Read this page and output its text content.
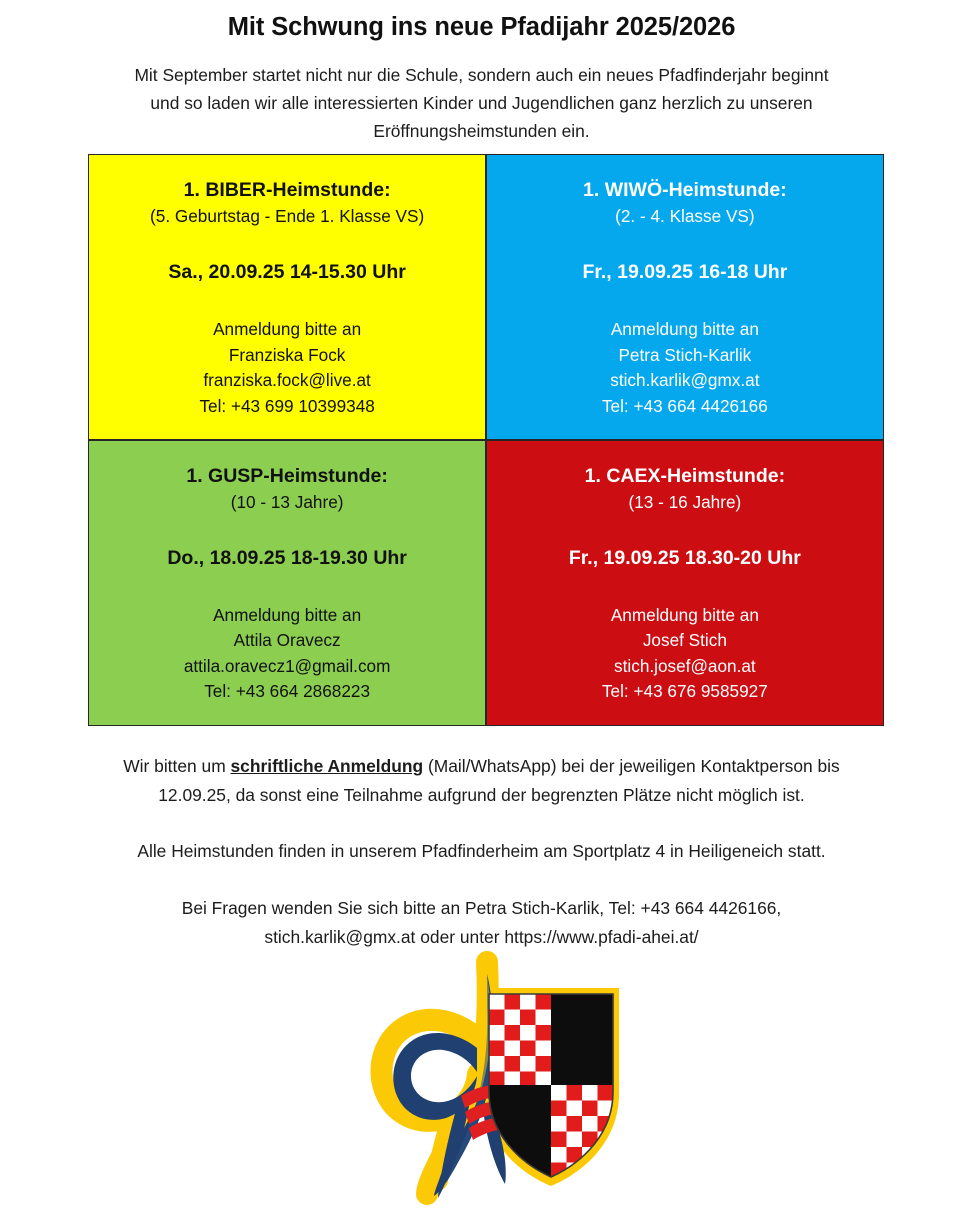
Mit Schwung ins neue Pfadijahr 2025/2026

Mit September startet nicht nur die Schule, sondern auch ein neues Pfadfinderjahr beginnt
und so laden wir alle interessierten Kinder und Jugendlichen ganz herzlich zu unseren
Eröffnungsheimstunden ein.

1. BIBER-Heimstunde:

(5. Geburtstag - Ende 1. Klasse VS)

Sa., 20.09.25 14-15.30 Uhr

Anmeldung bitte an
Franziska Fock
franziska.fock@live.at
Tel: +43 699 10399348

1. WIWÖ-Heimstunde:

(2. - 4. Klasse VS)

Fr., 19.09.25 16-18 Uhr

Anmeldung bitte an
Petra Stich-Karlik
stich.karlik@gmx.at
Tel: +43 664 4426166

1. GUSP-Heimstunde:

(10 - 13 Jahre)

Do., 18.09.25 18-19.30 Uhr

Anmeldung bitte an
Attila Oravecz
attila.oravecz1@gmail.com
Tel: +43 664 2868223

1. CAEX-Heimstunde:

(13 - 16 Jahre)

Fr., 19.09.25 18.30-20 Uhr

Anmeldung bitte an
Josef Stich
stich.josef@aon.at
Tel: +43 676 9585927

Wir bitten um schriftliche Anmeldung (Mail/WhatsApp) bei der jeweiligen Kontaktperson bis
12.09.25, da sonst eine Teilnahme aufgrund der begrenzten Plätze nicht möglich ist.

Alle Heimstunden finden in unserem Pfadfinderheim am Sportplatz 4 in Heiligeneich statt.

Bei Fragen wenden Sie sich bitte an Petra Stich-Karlik, Tel: +43 664 4426166,
stich.karlik@gmx.at oder unter https://www.pfadi-ahei.at/
